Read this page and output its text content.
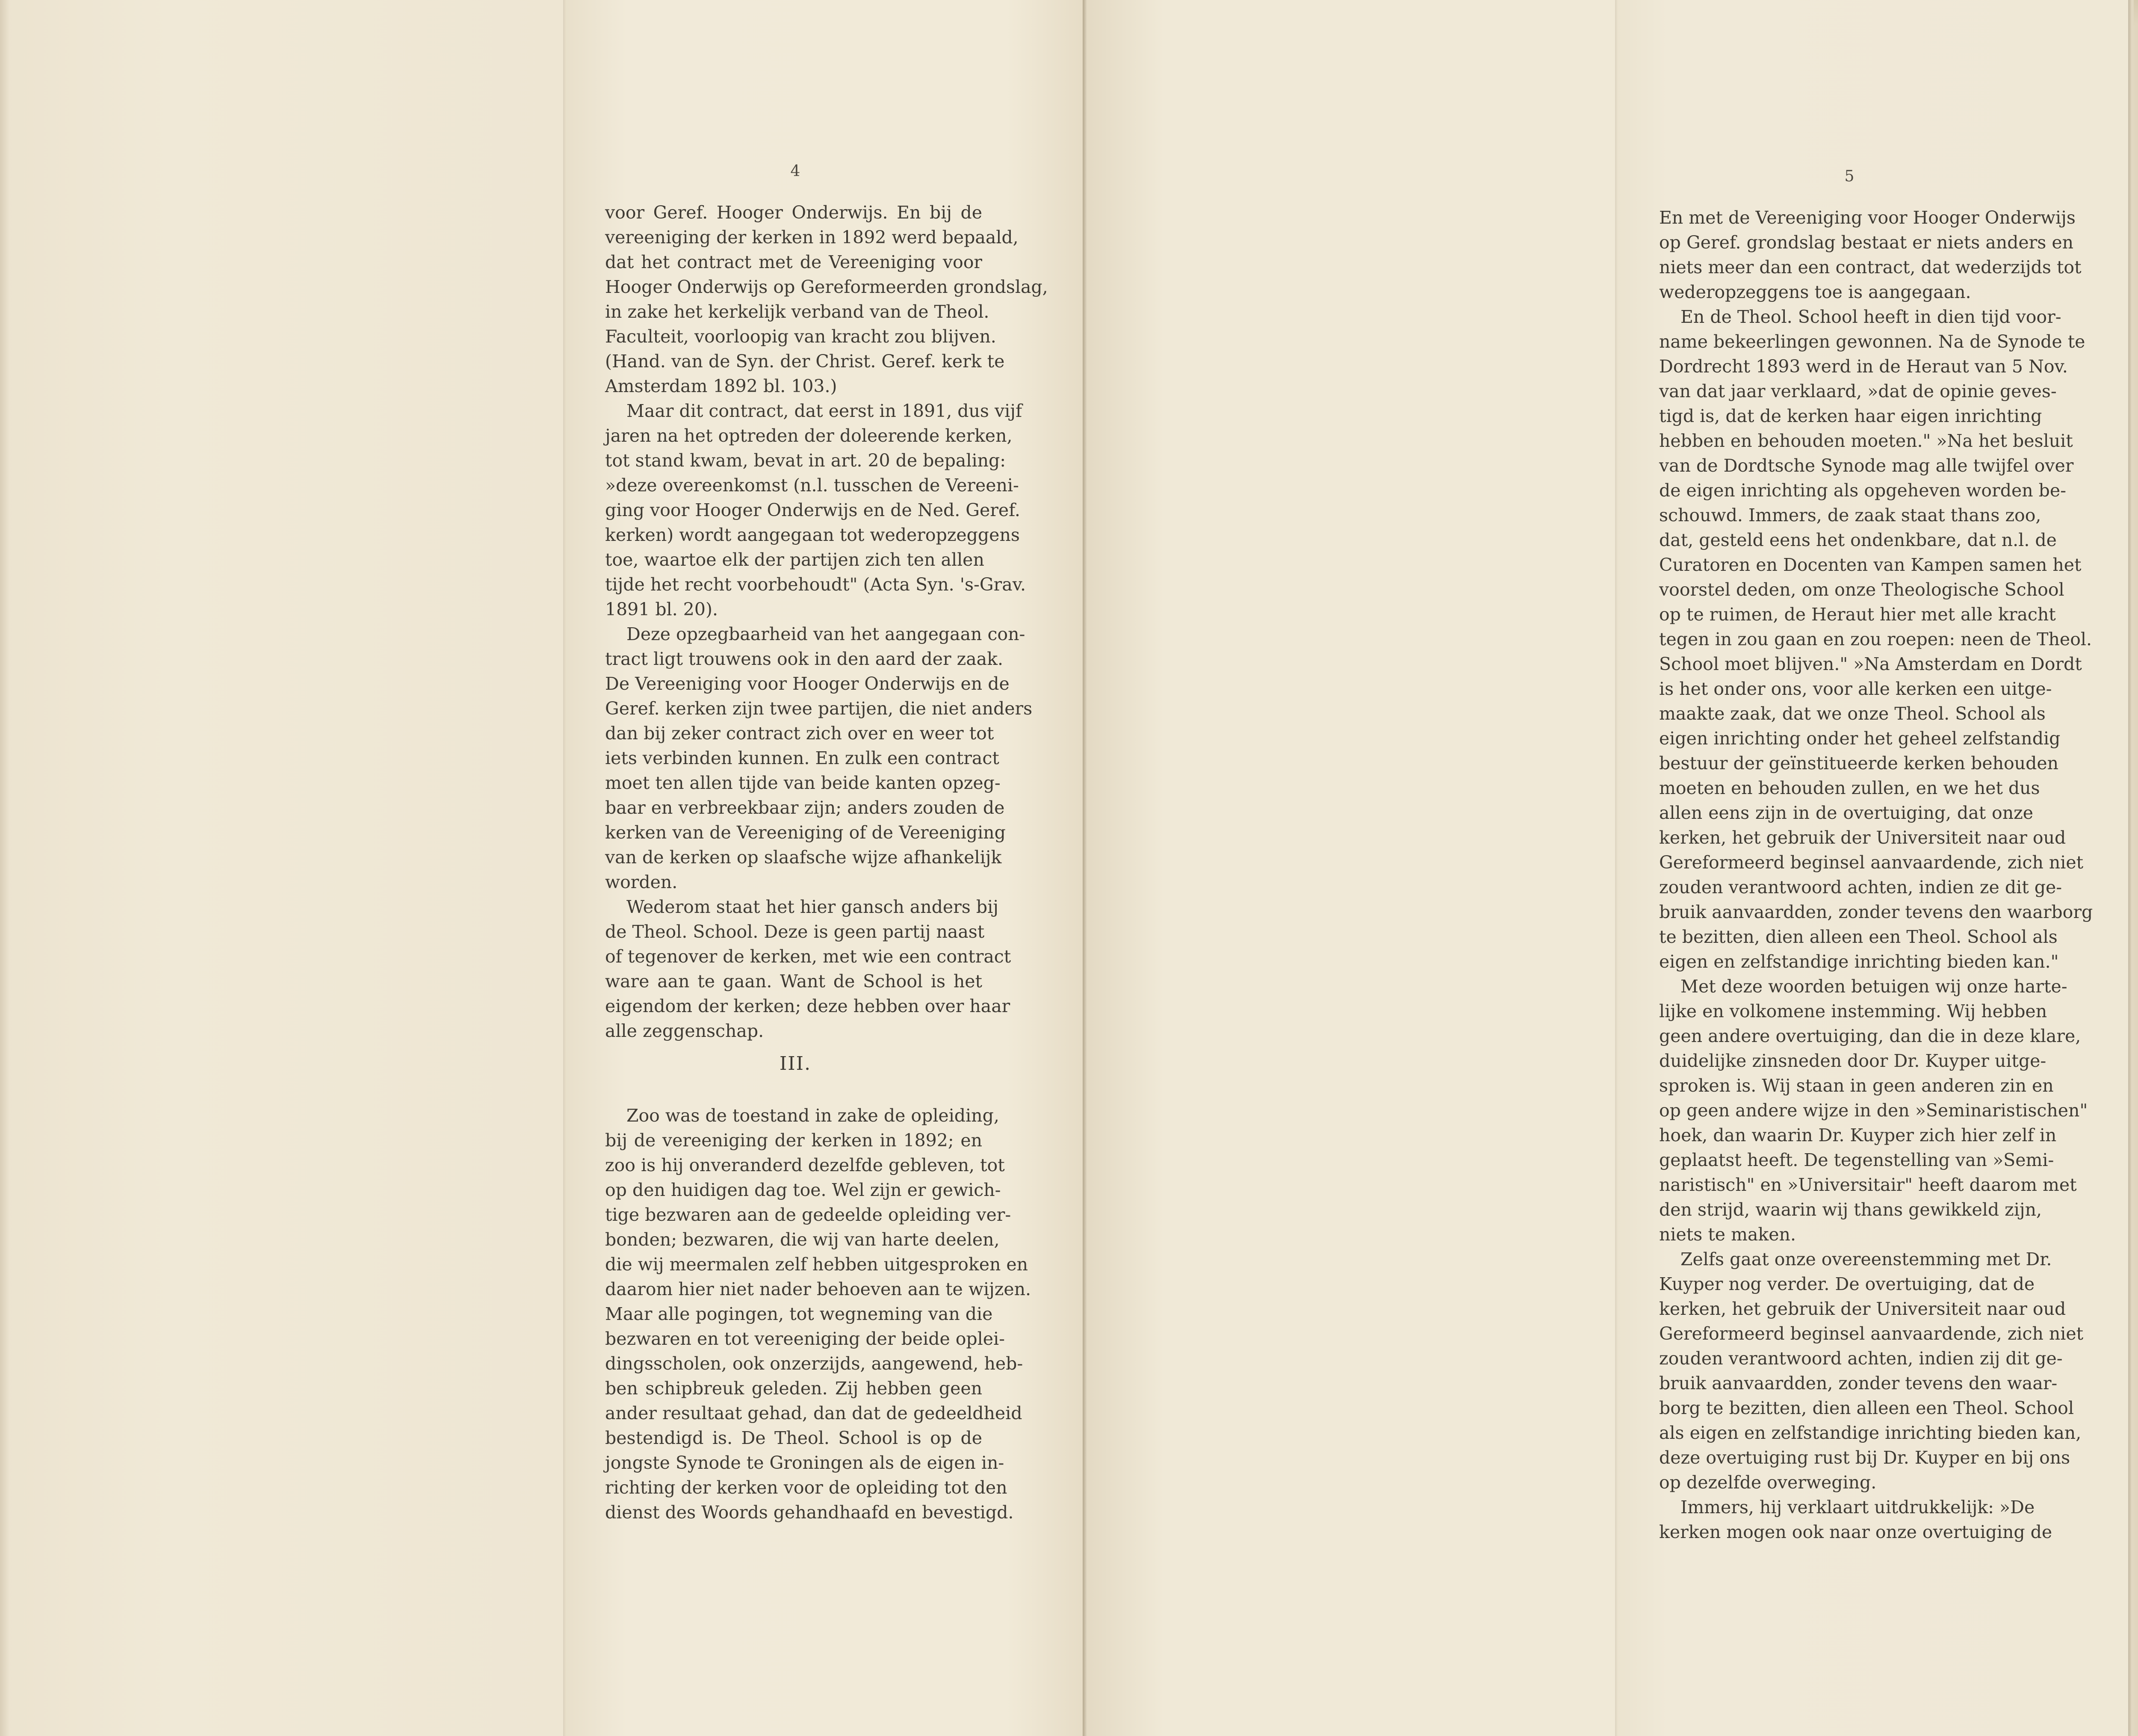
4
voor Geref. Hooger Onderwijs. En bij de
vereeniging der kerken in 1892 werd bepaald,
dat het contract met de Vereeniging voor
Hooger Onderwijs op Gereformeerden grondslag,
in zake het kerkelijk verband van de Theol.
Faculteit, voorloopig van kracht zou blijven.
(Hand. van de Syn. der Christ. Geref. kerk te
Amsterdam 1892 bl. 103.)
Maar dit contract, dat eerst in 1891, dus vijf
jaren na het optreden der doleerende kerken,
tot stand kwam, bevat in art. 20 de bepaling:
»deze overeenkomst (n.l. tusschen de Vereeni-
ging voor Hooger Onderwijs en de Ned. Geref.
kerken) wordt aangegaan tot wederopzeggens
toe, waartoe elk der partijen zich ten allen
tijde het recht voorbehoudt" (Acta Syn. 's-Grav.
1891 bl. 20).
Deze opzegbaarheid van het aangegaan con-
tract ligt trouwens ook in den aard der zaak.
De Vereeniging voor Hooger Onderwijs en de
Geref. kerken zijn twee partijen, die niet anders
dan bij zeker contract zich over en weer tot
iets verbinden kunnen. En zulk een contract
moet ten allen tijde van beide kanten opzeg-
baar en verbreekbaar zijn; anders zouden de
kerken van de Vereeniging of de Vereeniging
van de kerken op slaafsche wijze afhankelijk
worden.
Wederom staat het hier gansch anders bij
de Theol. School. Deze is geen partij naast
of tegenover de kerken, met wie een contract
ware aan te gaan. Want de School is het
eigendom der kerken; deze hebben over haar
alle zeggenschap.
III.
Zoo was de toestand in zake de opleiding,
bij de vereeniging der kerken in 1892; en
zoo is hij onveranderd dezelfde gebleven, tot
op den huidigen dag toe. Wel zijn er gewich-
tige bezwaren aan de gedeelde opleiding ver-
bonden; bezwaren, die wij van harte deelen,
die wij meermalen zelf hebben uitgesproken en
daarom hier niet nader behoeven aan te wijzen.
Maar alle pogingen, tot wegneming van die
bezwaren en tot vereeniging der beide oplei-
dingsscholen, ook onzerzijds, aangewend, heb-
ben schipbreuk geleden. Zij hebben geen
ander resultaat gehad, dan dat de gedeeldheid
bestendigd is. De Theol. School is op de
jongste Synode te Groningen als de eigen in-
richting der kerken voor de opleiding tot den
dienst des Woords gehandhaafd en bevestigd.
5
En met de Vereeniging voor Hooger Onderwijs
op Geref. grondslag bestaat er niets anders en
niets meer dan een contract, dat wederzijds tot
wederopzeggens toe is aangegaan.
En de Theol. School heeft in dien tijd voor-
name bekeerlingen gewonnen. Na de Synode te
Dordrecht 1893 werd in de Heraut van 5 Nov.
van dat jaar verklaard, »dat de opinie geves-
tigd is, dat de kerken haar eigen inrichting
hebben en behouden moeten." »Na het besluit
van de Dordtsche Synode mag alle twijfel over
de eigen inrichting als opgeheven worden be-
schouwd. Immers, de zaak staat thans zoo,
dat, gesteld eens het ondenkbare, dat n.l. de
Curatoren en Docenten van Kampen samen het
voorstel deden, om onze Theologische School
op te ruimen, de Heraut hier met alle kracht
tegen in zou gaan en zou roepen: neen de Theol.
School moet blijven." »Na Amsterdam en Dordt
is het onder ons, voor alle kerken een uitge-
maakte zaak, dat we onze Theol. School als
eigen inrichting onder het geheel zelfstandig
bestuur der geïnstitueerde kerken behouden
moeten en behouden zullen, en we het dus
allen eens zijn in de overtuiging, dat onze
kerken, het gebruik der Universiteit naar oud
Gereformeerd beginsel aanvaardende, zich niet
zouden verantwoord achten, indien ze dit ge-
bruik aanvaardden, zonder tevens den waarborg
te bezitten, dien alleen een Theol. School als
eigen en zelfstandige inrichting bieden kan."
Met deze woorden betuigen wij onze harte-
lijke en volkomene instemming. Wij hebben
geen andere overtuiging, dan die in deze klare,
duidelijke zinsneden door Dr. Kuyper uitge-
sproken is. Wij staan in geen anderen zin en
op geen andere wijze in den »Seminaristischen"
hoek, dan waarin Dr. Kuyper zich hier zelf in
geplaatst heeft. De tegenstelling van »Semi-
naristisch" en »Universitair" heeft daarom met
den strijd, waarin wij thans gewikkeld zijn,
niets te maken.
Zelfs gaat onze overeenstemming met Dr.
Kuyper nog verder. De overtuiging, dat de
kerken, het gebruik der Universiteit naar oud
Gereformeerd beginsel aanvaardende, zich niet
zouden verantwoord achten, indien zij dit ge-
bruik aanvaardden, zonder tevens den waar-
borg te bezitten, dien alleen een Theol. School
als eigen en zelfstandige inrichting bieden kan,
deze overtuiging rust bij Dr. Kuyper en bij ons
op dezelfde overweging.
Immers, hij verklaart uitdrukkelijk: »De
kerken mogen ook naar onze overtuiging de
